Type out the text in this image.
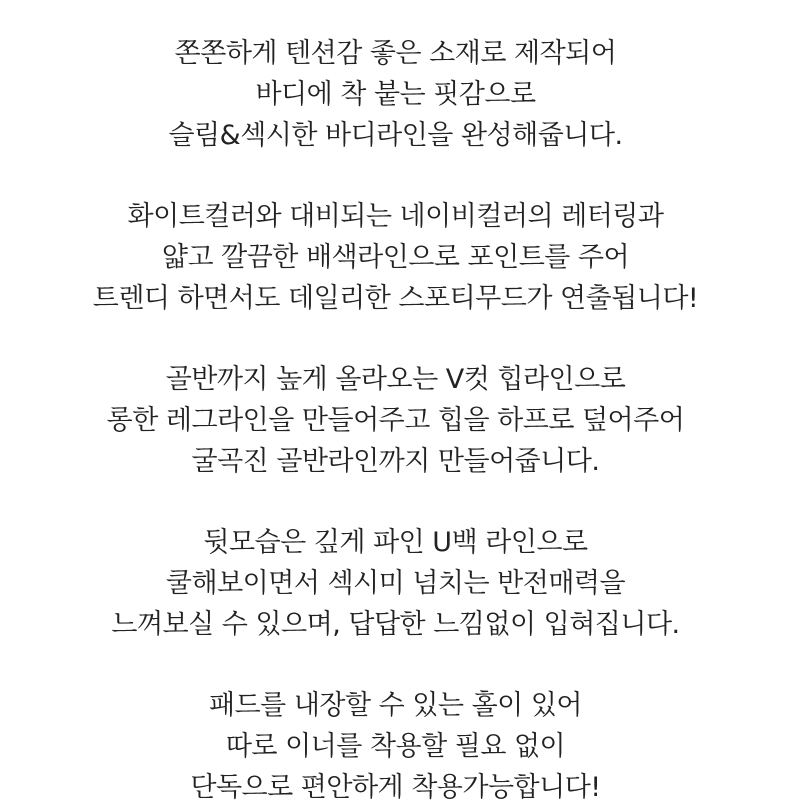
쫀쫀하게 텐션감 좋은 소재로 제작되어
바디에 착 붙는 핏감으로
슬림&섹시한 바디라인을 완성해줍니다.
화이트컬러와 대비되는 네이비컬러의 레터링과
얇고 깔끔한 배색라인으로 포인트를 주어
트렌디 하면서도 데일리한 스포티무드가 연출됩니다!
골반까지 높게 올라오는 V컷 힙라인으로
롱한 레그라인을 만들어주고 힙을 하프로 덮어주어
굴곡진 골반라인까지 만들어줍니다.
뒷모습은 깊게 파인 U백 라인으로
쿨해보이면서 섹시미 넘치는 반전매력을
느껴보실 수 있으며, 답답한 느낌없이 입혀집니다.
패드를 내장할 수 있는 홀이 있어
따로 이너를 착용할 필요 없이
단독으로 편안하게 착용가능합니다!
